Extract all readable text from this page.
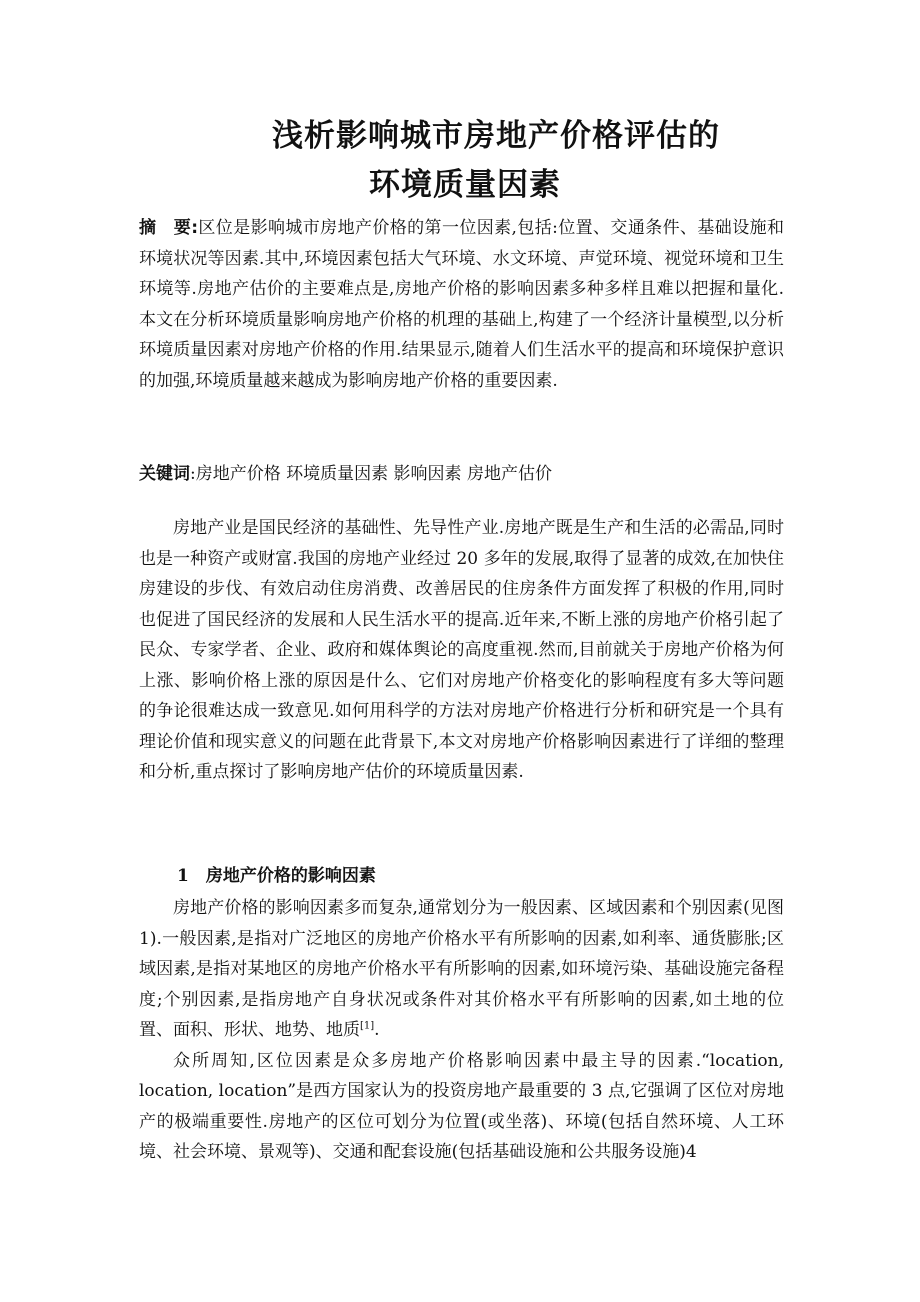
浅析影响城市房地产价格评估的
环境质量因素

摘　要:区位是影响城市房地产价格的第一位因素,包括:位置、交通条件、基础设施和环境状况等因素.其中,环境因素包括大气环境、水文环境、声觉环境、视觉环境和卫生环境等.房地产估价的主要难点是,房地产价格的影响因素多种多样且难以把握和量化.本文在分析环境质量影响房地产价格的机理的基础上,构建了一个经济计量模型,以分析环境质量因素对房地产价格的作用.结果显示,随着人们生活水平的提高和环境保护意识的加强,环境质量越来越成为影响房地产价格的重要因素.

关键词:房地产价格 环境质量因素 影响因素 房地产估价

房地产业是国民经济的基础性、先导性产业.房地产既是生产和生活的必需品,同时也是一种资产或财富.我国的房地产业经过 20 多年的发展,取得了显著的成效,在加快住房建设的步伐、有效启动住房消费、改善居民的住房条件方面发挥了积极的作用,同时也促进了国民经济的发展和人民生活水平的提高.近年来,不断上涨的房地产价格引起了民众、专家学者、企业、政府和媒体舆论的高度重视.然而,目前就关于房地产价格为何上涨、影响价格上涨的原因是什么、它们对房地产价格变化的影响程度有多大等问题的争论很难达成一致意见.如何用科学的方法对房地产价格进行分析和研究是一个具有理论价值和现实意义的问题在此背景下,本文对房地产价格影响因素进行了详细的整理和分析,重点探讨了影响房地产估价的环境质量因素.

1　房地产价格的影响因素

房地产价格的影响因素多而复杂,通常划分为一般因素、区域因素和个别因素(见图 1).一般因素,是指对广泛地区的房地产价格水平有所影响的因素,如利率、通货膨胀;区域因素,是指对某地区的房地产价格水平有所影响的因素,如环境污染、基础设施完备程度;个别因素,是指房地产自身状况或条件对其价格水平有所影响的因素,如土地的位置、面积、形状、地势、地质[1].

众所周知,区位因素是众多房地产价格影响因素中最主导的因素.“location, location, location”是西方国家认为的投资房地产最重要的 3 点,它强调了区位对房地产的极端重要性.房地产的区位可划分为位置(或坐落)、环境(包括自然环境、人工环境、社会环境、景观等)、交通和配套设施(包括基础设施和公共服务设施)4
